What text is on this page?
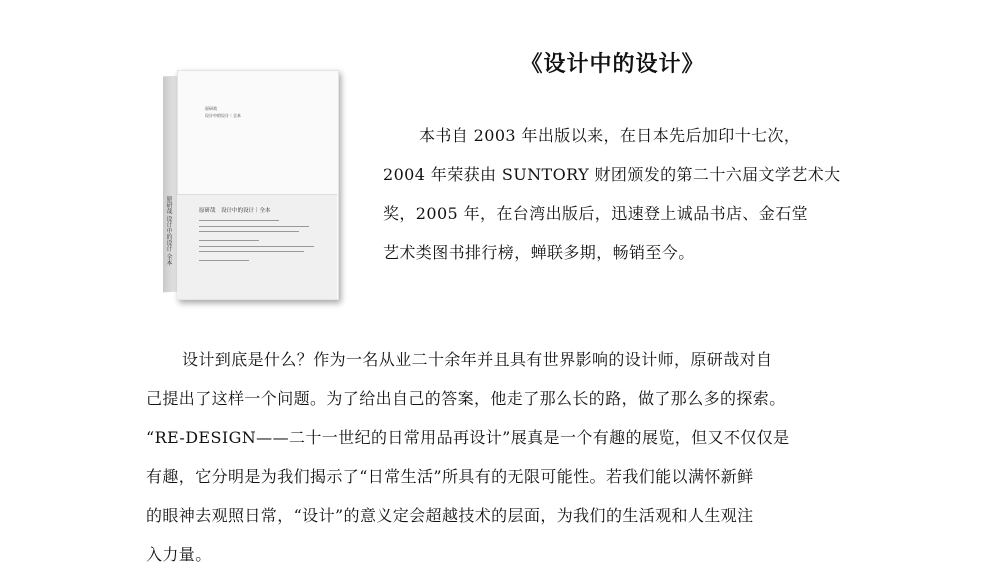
《设计中的设计》
原研哉
设计中的设计｜全本
原研哉 设计中的设计 全本	原研哉　设计中的设计｜全本

本书自 2003 年出版以来，在日本先后加印十七次，
2004 年荣获由 SUNTORY 财团颁发的第二十六届文学艺术大
奖，2005 年，在台湾出版后，迅速登上诚品书店、金石堂
艺术类图书排行榜，蝉联多期，畅销至今。

设计到底是什么？作为一名从业二十余年并且具有世界影响的设计师，原研哉对自
己提出了这样一个问题。为了给出自己的答案，他走了那么长的路，做了那么多的探索。
“RE-DESIGN——二十一世纪的日常用品再设计”展真是一个有趣的展览，但又不仅仅是
有趣，它分明是为我们揭示了“日常生活”所具有的无限可能性。若我们能以满怀新鲜
的眼神去观照日常，“设计”的意义定会超越技术的层面，为我们的生活观和人生观注
入力量。
